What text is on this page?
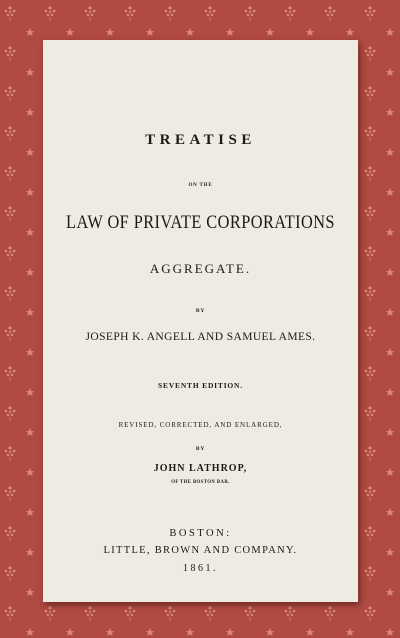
TREATISE
ON THE
LAW OF PRIVATE CORPORATIONS
AGGREGATE.
BY
JOSEPH K. ANGELL AND SAMUEL AMES.
SEVENTH EDITION.
REVISED, CORRECTED, AND ENLARGED,
BY
JOHN LATHROP,
OF THE BOSTON BAR.
BOSTON:
LITTLE, BROWN AND COMPANY.
1861.
